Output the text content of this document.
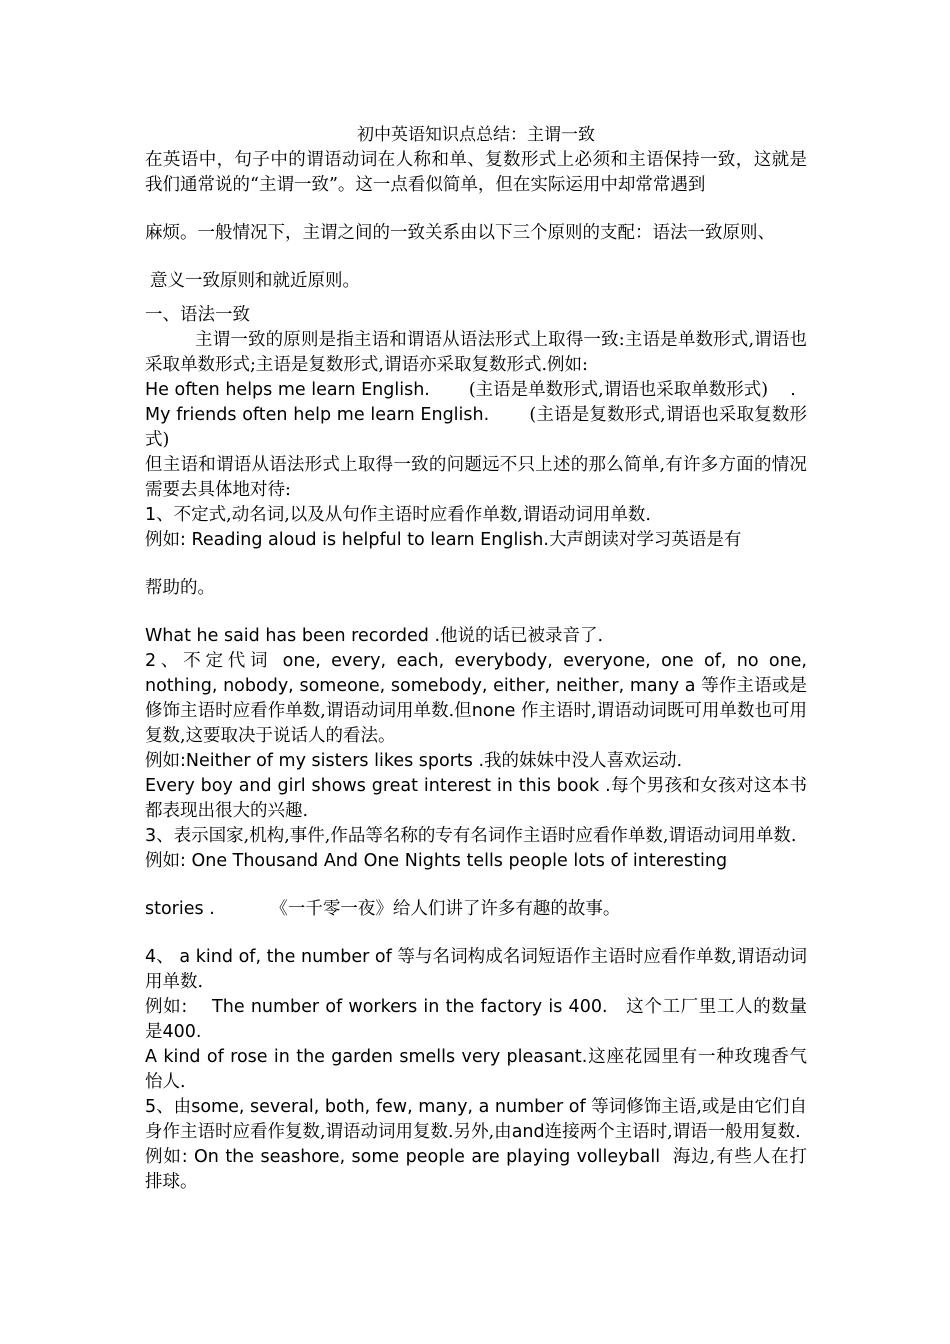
初中英语知识点总结：主谓一致

在英语中，句子中的谓语动词在人称和单、复数形式上必须和主语保持一致，这就是我们通常说的“主谓一致”。这一点看似简单，但在实际运用中却常常遇到

麻烦。一般情况下，主谓之间的一致关系由以下三个原则的支配：语法一致原则、

意义一致原则和就近原则。

一、语法一致

主谓一致的原则是指主语和谓语从语法形式上取得一致:主语是单数形式,谓语也采取单数形式;主语是复数形式,谓语亦采取复数形式.例如:

He often helps me learn English. (主语是单数形式,谓语也采取单数形式)    .

My friends often help me learn English. (主语是复数形式,谓语也采取复数形式)

但主语和谓语从语法形式上取得一致的问题远不只上述的那么简单,有许多方面的情况需要去具体地对待:

1、不定式,动名词,以及从句作主语时应看作单数,谓语动词用单数.

例如: Reading aloud is helpful to learn English.大声朗读对学习英语是有

帮助的。

What he said has been recorded .他说的话已被录音了.

2、不定代词 one, every, each, everybody, everyone, one of, no one, nothing, nobody, someone, somebody, either, neither, many a 等作主语或是修饰主语时应看作单数,谓语动词用单数.但none 作主语时,谓语动词既可用单数也可用复数,这要取决于说话人的看法。

例如:Neither of my sisters likes sports .我的妹妹中没人喜欢运动.

Every boy and girl shows great interest in this book .每个男孩和女孩对这本书都表现出很大的兴趣.

3、表示国家,机构,事件,作品等名称的专有名词作主语时应看作单数,谓语动词用单数.

例如: One Thousand And One Nights tells people lots of interesting

stories .	《一千零一夜》给人们讲了许多有趣的故事。

4、 a kind of, the number of 等与名词构成名词短语作主语时应看作单数,谓语动词用单数.

例如:    The number of workers in the factory is 400.   这个工厂里工人的数量是400.

A kind of rose in the garden smells very pleasant.这座花园里有一种玫瑰香气怡人.

5、由some, several, both, few, many, a number of 等词修饰主语,或是由它们自身作主语时应看作复数,谓语动词用复数.另外,由and连接两个主语时,谓语一般用复数.

例如: On the seashore, some people are playing volleyball  海边,有些人在打排球。
